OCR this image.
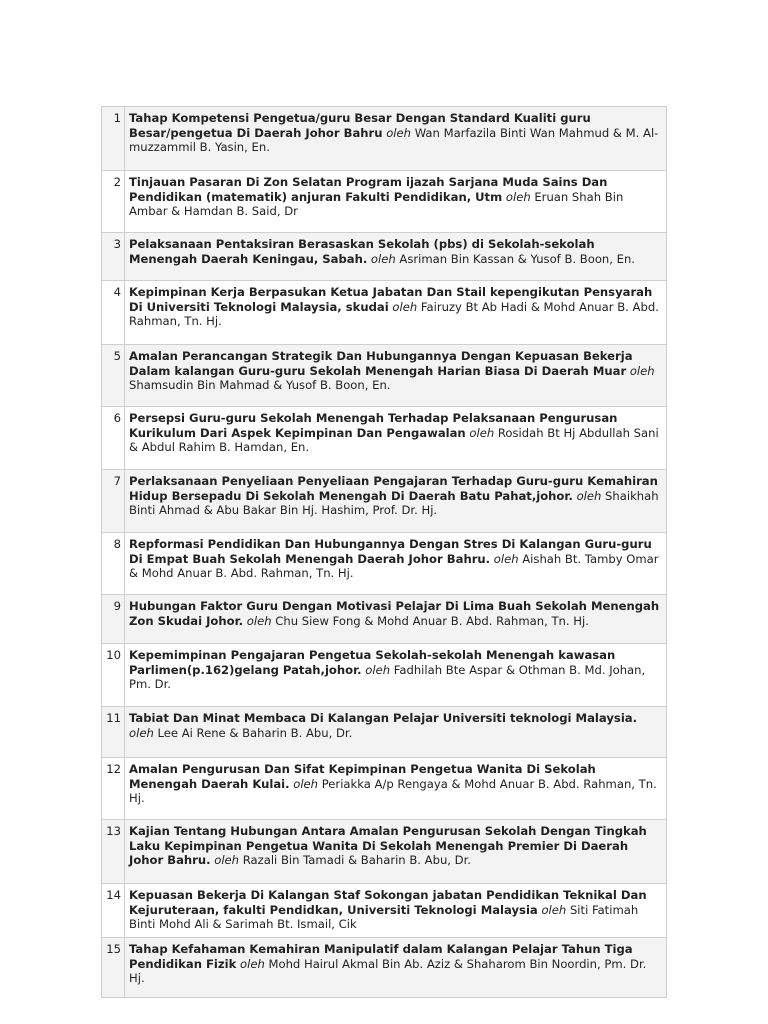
1	Tahap Kompetensi Pengetua/guru Besar Dengan Standard Kualiti guru Besar/pengetua Di Daerah Johor Bahru oleh Wan Marfazila Binti Wan Mahmud & M. Al-muzzammil B. Yasin, En.
2	Tinjauan Pasaran Di Zon Selatan Program ijazah Sarjana Muda Sains Dan Pendidikan (matematik) anjuran Fakulti Pendidikan, Utm oleh Eruan Shah Bin Ambar & Hamdan B. Said, Dr
3	Pelaksanaan Pentaksiran Berasaskan Sekolah (pbs) di Sekolah-sekolah Menengah Daerah Keningau, Sabah. oleh Asriman Bin Kassan & Yusof B. Boon, En.
4	Kepimpinan Kerja Berpasukan Ketua Jabatan Dan Stail kepengikutan Pensyarah Di Universiti Teknologi Malaysia, skudai oleh Fairuzy Bt Ab Hadi & Mohd Anuar B. Abd. Rahman, Tn. Hj.
5	Amalan Perancangan Strategik Dan Hubungannya Dengan Kepuasan Bekerja Dalam kalangan Guru-guru Sekolah Menengah Harian Biasa Di Daerah Muar oleh Shamsudin Bin Mahmad & Yusof B. Boon, En.
6	Persepsi Guru-guru Sekolah Menengah Terhadap Pelaksanaan Pengurusan Kurikulum Dari Aspek Kepimpinan Dan Pengawalan oleh Rosidah Bt Hj Abdullah Sani & Abdul Rahim B. Hamdan, En.
7	Perlaksanaan Penyeliaan Penyeliaan Pengajaran Terhadap Guru-guru Kemahiran Hidup Bersepadu Di Sekolah Menengah Di Daerah Batu Pahat,johor. oleh Shaikhah Binti Ahmad & Abu Bakar Bin Hj. Hashim, Prof. Dr. Hj.
8	Repformasi Pendidikan Dan Hubungannya Dengan Stres Di Kalangan Guru-guru Di Empat Buah Sekolah Menengah Daerah Johor Bahru. oleh Aishah Bt. Tamby Omar & Mohd Anuar B. Abd. Rahman, Tn. Hj.
9	Hubungan Faktor Guru Dengan Motivasi Pelajar Di Lima Buah Sekolah Menengah Zon Skudai Johor. oleh Chu Siew Fong & Mohd Anuar B. Abd. Rahman, Tn. Hj.
10	Kepemimpinan Pengajaran Pengetua Sekolah-sekolah Menengah kawasan Parlimen(p.162)gelang Patah,johor. oleh Fadhilah Bte Aspar & Othman B. Md. Johan, Pm. Dr.
11	Tabiat Dan Minat Membaca Di Kalangan Pelajar Universiti teknologi Malaysia. oleh Lee Ai Rene & Baharin B. Abu, Dr.
12	Amalan Pengurusan Dan Sifat Kepimpinan Pengetua Wanita Di Sekolah Menengah Daerah Kulai. oleh Periakka A/p Rengaya & Mohd Anuar B. Abd. Rahman, Tn. Hj.
13	Kajian Tentang Hubungan Antara Amalan Pengurusan Sekolah Dengan Tingkah Laku Kepimpinan Pengetua Wanita Di Sekolah Menengah Premier Di Daerah Johor Bahru. oleh Razali Bin Tamadi & Baharin B. Abu, Dr.
14	Kepuasan Bekerja Di Kalangan Staf Sokongan jabatan Pendidikan Teknikal Dan Kejuruteraan, fakulti Pendidkan, Universiti Teknologi Malaysia oleh Siti Fatimah Binti Mohd Ali & Sarimah Bt. Ismail, Cik
15	Tahap Kefahaman Kemahiran Manipulatif dalam Kalangan Pelajar Tahun Tiga Pendidikan Fizik oleh Mohd Hairul Akmal Bin Ab. Aziz & Shaharom Bin Noordin, Pm. Dr. Hj.
